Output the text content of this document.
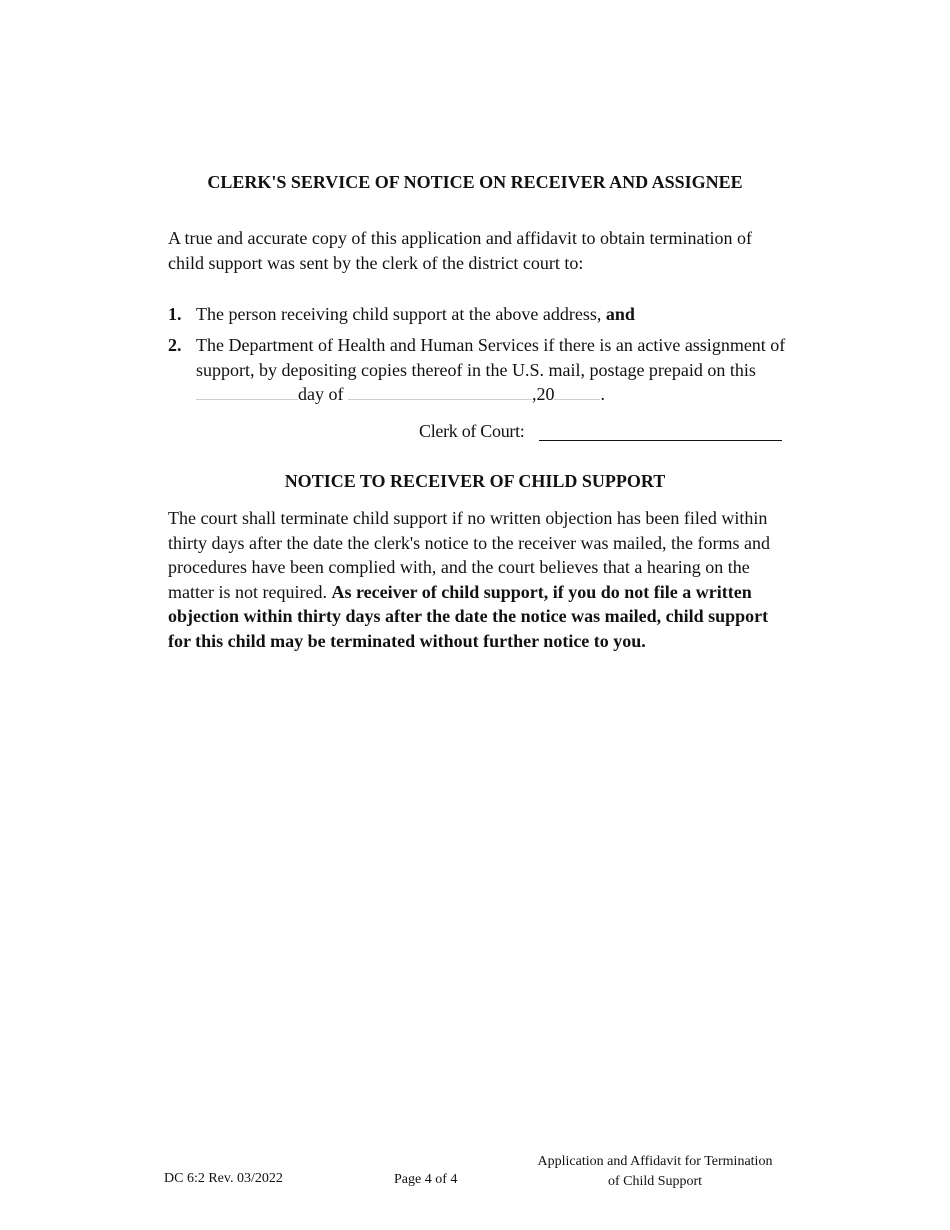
CLERK'S SERVICE OF NOTICE ON RECEIVER AND ASSIGNEE
A true and accurate copy of this application and affidavit to obtain termination of child support was sent by the clerk of the district court to:
1. The person receiving child support at the above address, and
2. The Department of Health and Human Services if there is an active assignment of support, by depositing copies thereof in the U.S. mail, postage prepaid on this
day of	,20	.
Clerk of Court:
NOTICE TO RECEIVER OF CHILD SUPPORT
The court shall terminate child support if no written objection has been filed within thirty days after the date the clerk's notice to the receiver was mailed, the forms and procedures have been complied with, and the court believes that a hearing on the matter is not required. As receiver of child support, if you do not file a written objection within thirty days after the date the notice was mailed, child support for this child may be terminated without further notice to you.
DC 6:2 Rev. 03/2022	Page 4 of 4
Application and Affidavit for Termination
of Child Support
